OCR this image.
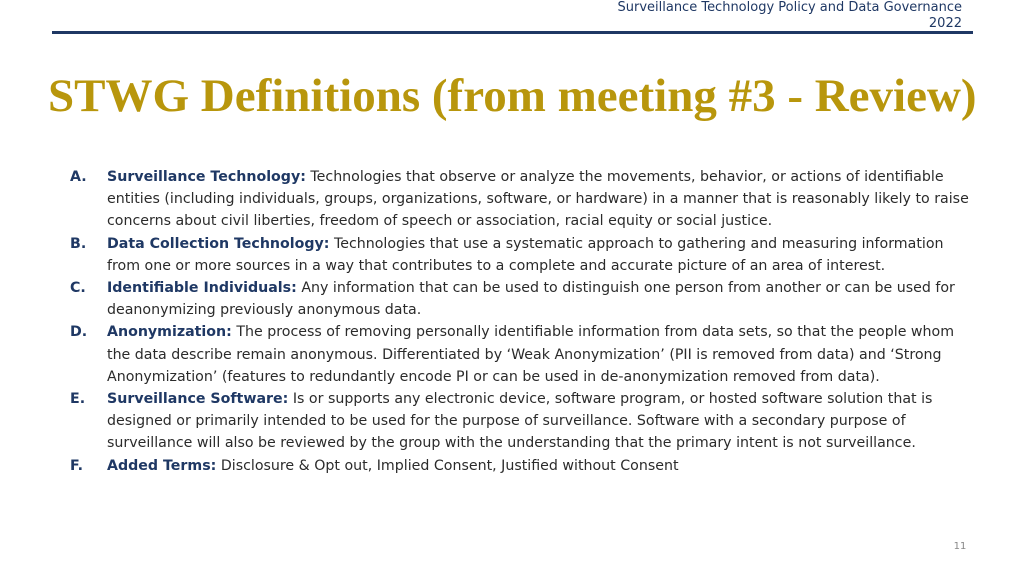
Surveillance Technology Policy and Data Governance
2022
STWG Definitions (from meeting #3 - Review)
A.	Surveillance Technology: Technologies that observe or analyze the movements, behavior, or actions of identifiable entities (including individuals, groups, organizations, software, or hardware) in a manner that is reasonably likely to raise concerns about civil liberties, freedom of speech or association, racial equity or social justice.
B.	Data Collection Technology: Technologies that use a systematic approach to gathering and measuring information from one or more sources in a way that contributes to a complete and accurate picture of an area of interest.
C.	Identifiable Individuals: Any information that can be used to distinguish one person from another or can be used for deanonymizing previously anonymous data.
D.	Anonymization: The process of removing personally identifiable information from data sets, so that the people whom the data describe remain anonymous. Differentiated by ‘Weak Anonymization’ (PII is removed from data) and ‘Strong Anonymization’ (features to redundantly encode PI or can be used in de-anonymization removed from data).
E.	Surveillance Software: Is or supports any electronic device, software program, or hosted software solution that is designed or primarily intended to be used for the purpose of surveillance. Software with a secondary purpose of surveillance will also be reviewed by the group with the understanding that the primary intent is not surveillance.
F.	Added Terms: Disclosure & Opt out, Implied Consent, Justified without Consent
11
